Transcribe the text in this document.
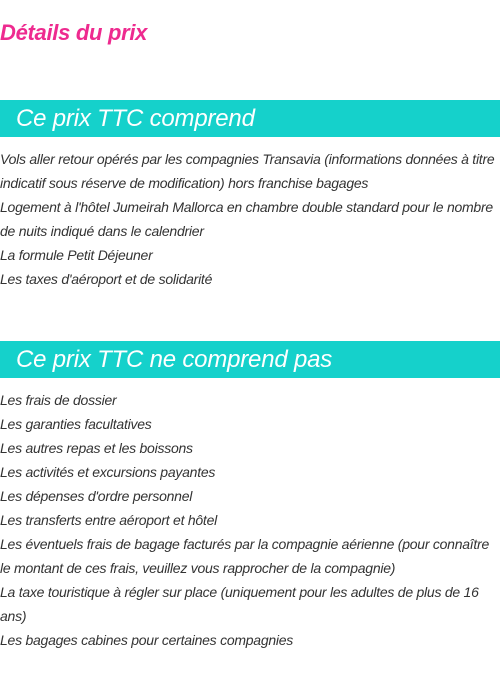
Détails du prix
Ce prix TTC comprend
Vols aller retour opérés par les compagnies Transavia (informations données à titre indicatif sous réserve de modification) hors franchise bagages
Logement à l'hôtel Jumeirah Mallorca en chambre double standard pour le nombre de nuits indiqué dans le calendrier
La formule Petit Déjeuner
Les taxes d'aéroport et de solidarité
Ce prix TTC ne comprend pas
Les frais de dossier
Les garanties facultatives
Les autres repas et les boissons
Les activités et excursions payantes
Les dépenses d'ordre personnel
Les transferts entre aéroport et hôtel
Les éventuels frais de bagage facturés par la compagnie aérienne (pour connaître le montant de ces frais, veuillez vous rapprocher de la compagnie)
La taxe touristique à régler sur place (uniquement pour les adultes de plus de 16 ans)
Les bagages cabines pour certaines compagnies
